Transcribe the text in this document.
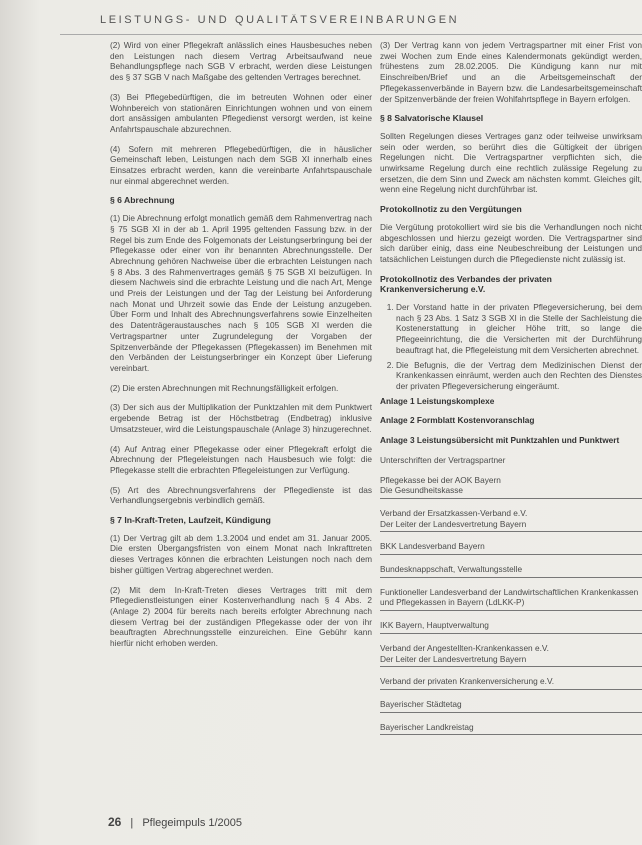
LEISTUNGS- UND QUALITÄTSVEREINBARUNGEN

(2) Wird von einer Pflegekraft anlässlich eines Hausbesuches neben den Leistungen nach diesem Vertrag Arbeitsaufwand neue Behandlungspflege nach SGB V erbracht, werden diese Leistungen des § 37 SGB V nach Maßgabe des geltenden Vertrages berechnet.

(3) Bei Pflegebedürftigen, die im betreuten Wohnen oder einer Wohnbereich von stationären Einrichtungen wohnen und von einem dort ansässigen ambulanten Pflegedienst versorgt werden, ist keine Anfahrtspauschale abzurechnen.

(4) Sofern mit mehreren Pflegebedürftigen, die in häuslicher Gemeinschaft leben, Leistungen nach dem SGB XI innerhalb eines Einsatzes erbracht werden, kann die vereinbarte Anfahrtspauschale nur einmal abgerechnet werden.

§ 6 Abrechnung

(1) Die Abrechnung erfolgt monatlich gemäß dem Rahmenvertrag nach § 75 SGB XI in der ab 1. April 1995 geltenden Fassung bzw. in der Regel bis zum Ende des Folgemonats der Leistungserbringung bei der Pflegekasse oder einer von ihr benannten Abrechnungsstelle. Der Abrechnung gehören Nachweise über die erbrachten Leistungen nach § 8 Abs. 3 des Rahmenvertrages gemäß § 75 SGB XI beizufügen. In diesem Nachweis sind die erbrachte Leistung und die nach Art, Menge und Preis der Leistungen und der Tag der Leistung bei Anforderung nach Monat und Uhrzeit sowie das Ende der Leistung anzugeben. Über Form und Inhalt des Abrechnungsverfahrens sowie Einzelheiten des Datenträgeraustausches nach § 105 SGB XI werden die Vertragspartner unter Zugrundelegung der Vorgaben der Spitzenverbände der Pflegekassen (Pflegekassen) im Benehmen mit den Verbänden der Leistungserbringer ein Konzept über Lieferung vereinbart.

(2) Die ersten Abrechnungen mit Rechnungsfälligkeit erfolgen.

(3) Der sich aus der Multiplikation der Punktzahlen mit dem Punktwert ergebende Betrag ist der Höchstbetrag (Endbetrag) inklusive Umsatzsteuer, wird die Leistungspauschale (Anlage 3) hinzugerechnet.

(4) Auf Antrag einer Pflegekasse oder einer Pflegekraft erfolgt die Abrechnung der Pflegeleistungen nach Hausbesuch wie folgt: die Pflegekasse stellt die erbrachten Pflegeleistungen zur Verfügung.

(5) Art des Abrechnungsverfahrens der Pflegedienste ist das Verhandlungsergebnis verbindlich gemäß.

§ 7 In-Kraft-Treten, Laufzeit, Kündigung

(1) Der Vertrag gilt ab dem 1.3.2004 und endet am 31. Januar 2005. Die ersten Übergangsfristen von einem Monat nach Inkrafttreten dieses Vertrages können die erbrachten Leistungen noch nach dem bisher gültigen Vertrag abgerechnet werden.

(2) Mit dem In-Kraft-Treten dieses Vertrages tritt mit dem Pflegedienstleistungen einer Kostenverhandlung nach § 4 Abs. 2 (Anlage 2) 2004 für bereits nach bereits erfolgter Abrechnung nach diesem Vertrag bei der zuständigen Pflegekasse oder der von ihr beauftragten Abrechnungsstelle einzureichen. Eine Gebühr kann hierfür nicht erhoben werden.

(3) Der Vertrag kann von jedem Vertragspartner mit einer Frist von zwei Wochen zum Ende eines Kalendermonats gekündigt werden, frühestens zum 28.02.2005. Die Kündigung kann nur mit Einschreiben/Brief und an die Arbeitsgemeinschaft der Pflegekassenverbände in Bayern bzw. die Landesarbeitsgemeinschaft der Spitzenverbände der freien Wohlfahrtspflege in Bayern erfolgen.

§ 8 Salvatorische Klausel

Sollten Regelungen dieses Vertrages ganz oder teilweise unwirksam sein oder werden, so berührt dies die Gültigkeit der übrigen Regelungen nicht. Die Vertragspartner verpflichten sich, die unwirksame Regelung durch eine rechtlich zulässige Regelung zu ersetzen, die dem Sinn und Zweck am nächsten kommt. Gleiches gilt, wenn eine Regelung nicht durchführbar ist.

Protokollnotiz zu den Vergütungen

Die Vergütung protokolliert wird sie bis die Verhandlungen noch nicht abgeschlossen und hierzu gezeigt worden. Die Vertragspartner sind sich darüber einig, dass eine Neubeschreibung der Leistungen und tatsächlichen Leistungen durch die Pflegedienste nicht zulässig ist.

Protokollnotiz des Verbandes der privaten Krankenversicherung e.V.
1. Der Vorstand hatte in der privaten Pflegeversicherung, bei dem nach § 23 Abs. 1 Satz 3 SGB XI in die Stelle der Sachleistung die Kostenerstattung in gleicher Höhe tritt, so lange die Pflegeeinrichtung, die die Versicherten mit der Durchführung beauftragt hat, die Pflegeleistung mit dem Versicherten abrechnet.
2. Die Befugnis, die der Vertrag dem Medizinischen Dienst der Krankenkassen einräumt, werden auch den Rechten des Dienstes der privaten Pflegeversicherung eingeräumt.

Anlage 1 Leistungskomplexe

Anlage 2 Formblatt Kostenvoranschlag

Anlage 3 Leistungsübersicht mit Punktzahlen und Punktwert

Unterschriften der Vertragspartner

Pflegekasse bei der AOK Bayern
Die Gesundheitskasse
Verband der Ersatzkassen-Verband e.V.
Der Leiter der Landesvertretung Bayern
BKK Landesverband Bayern
Bundesknappschaft, Verwaltungsstelle
Funktioneller Landesverband der Landwirtschaftlichen Krankenkassen und Pflegekassen in Bayern (LdLKK-P)
IKK Bayern, Hauptverwaltung
Verband der Angestellten-Krankenkassen e.V.
Der Leiter der Landesvertretung Bayern
Verband der privaten Krankenversicherung e.V.
Bayerischer Städtetag
Bayerischer Landkreistag
26 | Pflegeimpuls 1/2005
